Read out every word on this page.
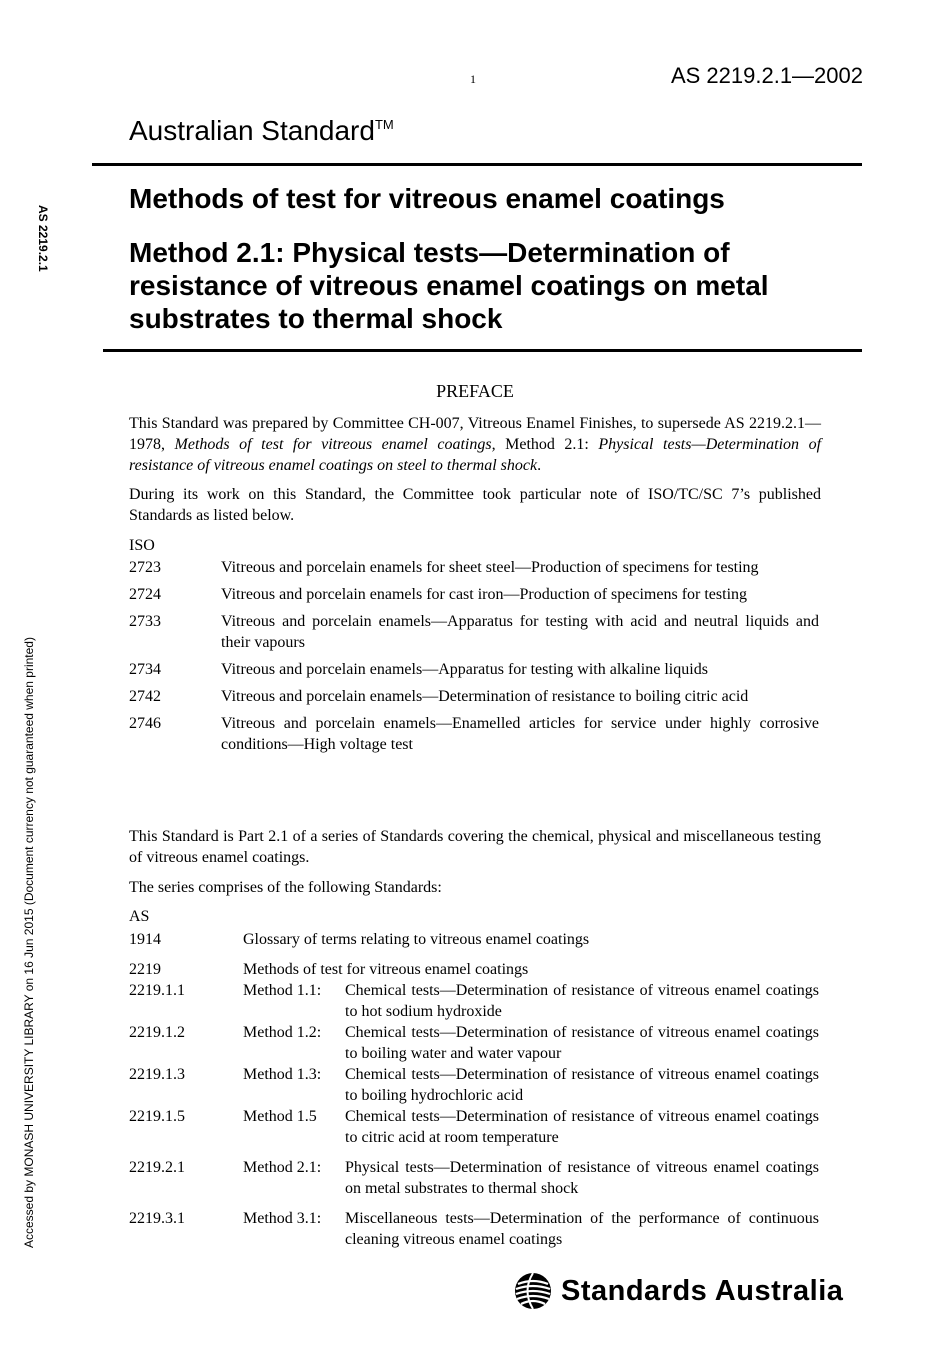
1	AS 2219.2.1—2002
Australian Standard™
Methods of test for vitreous enamel coatings
Method 2.1: Physical tests—Determination of resistance of vitreous enamel coatings on metal substrates to thermal shock
AS 2219.2.1
Accessed by MONASH UNIVERSITY LIBRARY on 16 Jun 2015 (Document currency not guaranteed when printed)
PREFACE
This Standard was prepared by Committee CH-007, Vitreous Enamel Finishes, to supersede AS 2219.2.1—1978, Methods of test for vitreous enamel coatings, Method 2.1: Physical tests—Determination of resistance of vitreous enamel coatings on steel to thermal shock.
During its work on this Standard, the Committee took particular note of ISO/TC/SC 7’s published Standards as listed below.
ISO
2723	Vitreous and porcelain enamels for sheet steel—Production of specimens for testing
2724	Vitreous and porcelain enamels for cast iron—Production of specimens for testing
2733	Vitreous and porcelain enamels—Apparatus for testing with acid and neutral liquids and their vapours
2734	Vitreous and porcelain enamels—Apparatus for testing with alkaline liquids
2742	Vitreous and porcelain enamels—Determination of resistance to boiling citric acid
2746	Vitreous and porcelain enamels—Enamelled articles for service under highly corrosive conditions—High voltage test
This Standard is Part 2.1 of a series of Standards covering the chemical, physical and miscellaneous testing of vitreous enamel coatings.
The series comprises of the following Standards:
AS
1914	Glossary of terms relating to vitreous enamel coatings
2219	Methods of test for vitreous enamel coatings
2219.1.1	Method 1.1:	Chemical tests—Determination of resistance of vitreous enamel coatings to hot sodium hydroxide
2219.1.2	Method 1.2:	Chemical tests—Determination of resistance of vitreous enamel coatings to boiling water and water vapour
2219.1.3	Method 1.3:	Chemical tests—Determination of resistance of vitreous enamel coatings to boiling hydrochloric acid
2219.1.5	Method 1.5	Chemical tests—Determination of resistance of vitreous enamel coatings to citric acid at room temperature
2219.2.1	Method 2.1:	Physical tests—Determination of resistance of vitreous enamel coatings on metal substrates to thermal shock
2219.3.1	Method 3.1:	Miscellaneous tests—Determination of the performance of continuous cleaning vitreous enamel coatings
Standards Australia
